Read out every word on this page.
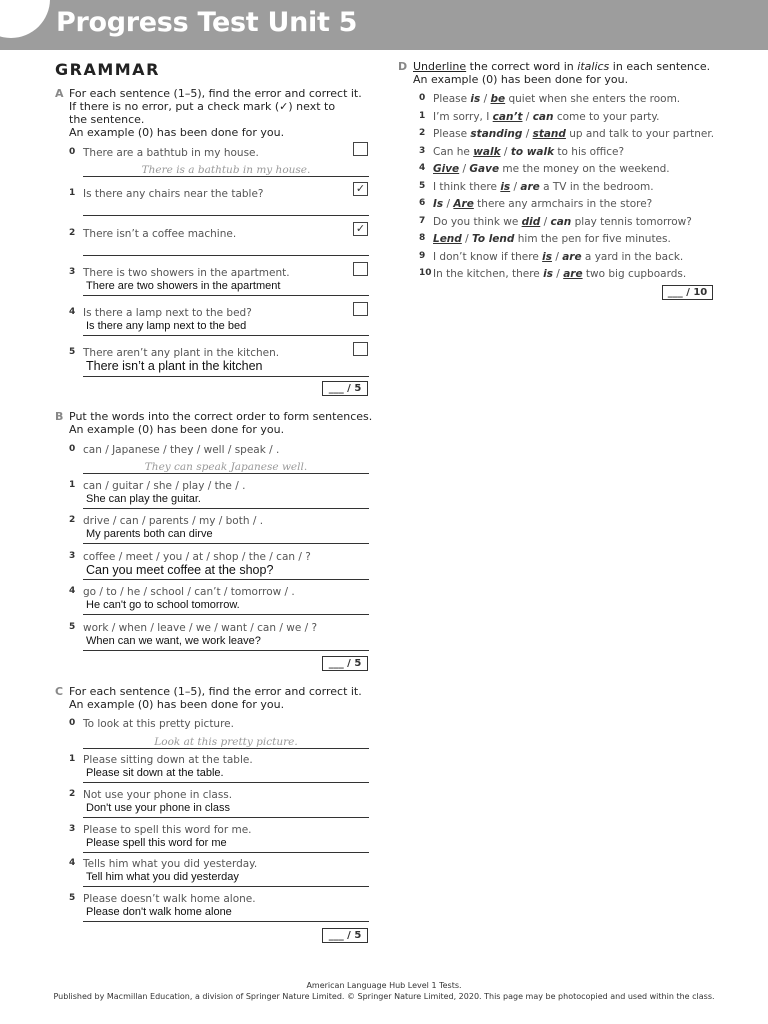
Progress Test Unit 5
GRAMMAR
A For each sentence (1–5), find the error and correct it.
If there is no error, put a check mark (✓) next to
the sentence.
An example (0) has been done for you.
0 There are a bathtub in my house.
There is a bathtub in my house.
1 Is there any chairs near the table?	✓
2 There isn’t a coffee machine.	✓
3 There is two showers in the apartment.
There are two showers in the apartment
4 Is there a lamp next to the bed?
Is there any lamp next to the bed
5 There aren’t any plant in the kitchen.
There isn’t a plant in the kitchen
___ / 5
B Put the words into the correct order to form sentences.
An example (0) has been done for you.
0 can / Japanese / they / well / speak / .
They can speak Japanese well.
1 can / guitar / she / play / the / .
She can play the guitar.
2 drive / can / parents / my / both / .
My parents both can dirve
3 coffee / meet / you / at / shop / the / can / ?
Can you meet coffee at the shop?
4 go / to / he / school / can’t / tomorrow / .
He can't go to school tomorrow.
5 work / when / leave / we / want / can / we / ?
When can we want, we work leave?
___ / 5
C For each sentence (1–5), find the error and correct it.
An example (0) has been done for you.
0 To look at this pretty picture.
Look at this pretty picture.
1 Please sitting down at the table.
Please sit down at the table.
2 Not use your phone in class.
Don't use your phone in class
3 Please to spell this word for me.
Please spell this word for me
4 Tells him what you did yesterday.
Tell him what you did yesterday
5 Please doesn’t walk home alone.
Please don't walk home alone
___ / 5
D Underline the correct word in italics in each sentence.
An example (0) has been done for you.
0 Please is / be quiet when she enters the room.
1 I’m sorry, I can’t / can come to your party.
2 Please standing / stand up and talk to your partner.
3 Can he walk / to walk to his office?
4 Give / Gave me the money on the weekend.
5 I think there is / are a TV in the bedroom.
6 Is / Are there any armchairs in the store?
7 Do you think we did / can play tennis tomorrow?
8 Lend / To lend him the pen for five minutes.
9 I don’t know if there is / are a yard in the back.
10 In the kitchen, there is / are two big cupboards.
___ / 10
American Language Hub Level 1 Tests.
Published by Macmillan Education, a division of Springer Nature Limited. © Springer Nature Limited, 2020. This page may be photocopied and used within the class.
